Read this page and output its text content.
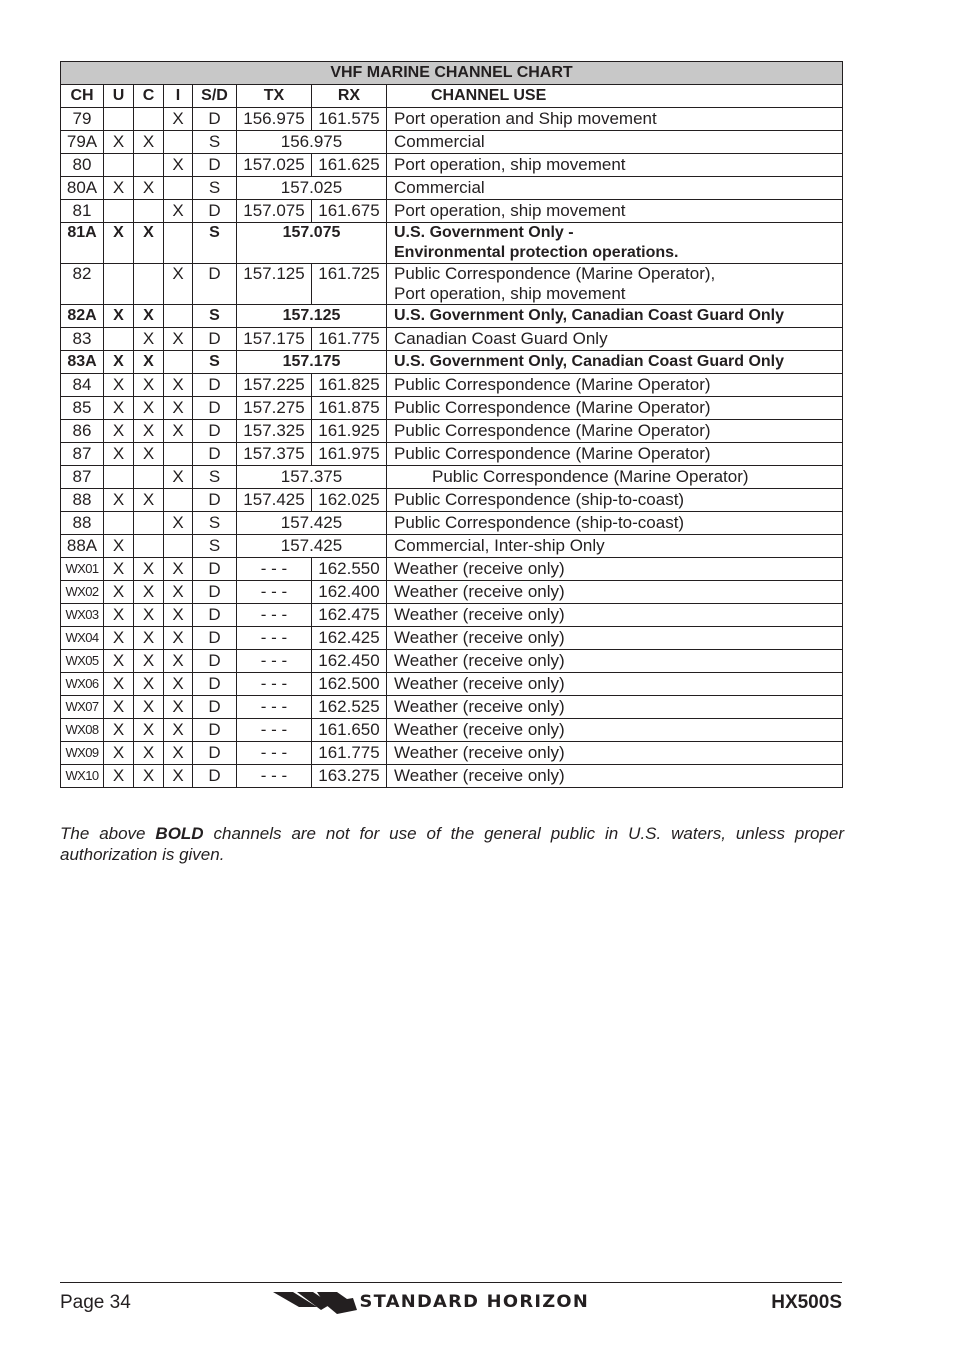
VHF MARINE CHANNEL CHART							
CH	U	C	I	S/D	TX	RX	CHANNEL USE
79			X	D	156.975	161.575	Port operation and Ship movement

79A	X	X		S	156.975		Commercial

80			X	D	157.025	161.625	Port operation, ship movement

80A	X	X		S	157.025		Commercial

81			X	D	157.075	161.675	Port operation, ship movement

81A	X	X		S	157.075		U.S. Government Only -
Environmental protection operations.

82			X	D	157.125	161.725	Public Correspondence (Marine Operator),
Port operation, ship movement

82A	X	X		S	157.125		U.S. Government Only, Canadian Coast Guard Only

83		X	X	D	157.175	161.775	Canadian Coast Guard Only

83A	X	X		S	157.175		U.S. Government Only, Canadian Coast Guard Only

84	X	X	X	D	157.225	161.825	Public Correspondence (Marine Operator)

85	X	X	X	D	157.275	161.875	Public Correspondence (Marine Operator)

86	X	X	X	D	157.325	161.925	Public Correspondence (Marine Operator)

87	X	X		D	157.375	161.975	Public Correspondence (Marine Operator)

87			X	S	157.375		Public Correspondence (Marine Operator)

88	X	X		D	157.425	162.025	Public Correspondence (ship-to-coast)

88			X	S	157.425		Public Correspondence (ship-to-coast)

88A	X			S	157.425		Commercial, Inter-ship Only

WX01	X	X	X	D	- - -	162.550	Weather (receive only)

WX02	X	X	X	D	- - -	162.400	Weather (receive only)

WX03	X	X	X	D	- - -	162.475	Weather (receive only)

WX04	X	X	X	D	- - -	162.425	Weather (receive only)

WX05	X	X	X	D	- - -	162.450	Weather (receive only)

WX06	X	X	X	D	- - -	162.500	Weather (receive only)

WX07	X	X	X	D	- - -	162.525	Weather (receive only)

WX08	X	X	X	D	- - -	161.650	Weather (receive only)

WX09	X	X	X	D	- - -	161.775	Weather (receive only)

WX10	X	X	X	D	- - -	163.275	Weather (receive only)
The above BOLD channels are not for use of the general public in U.S. waters, unless proper authorization is given.
Page 34	STANDARD HORIZON	HX500S
